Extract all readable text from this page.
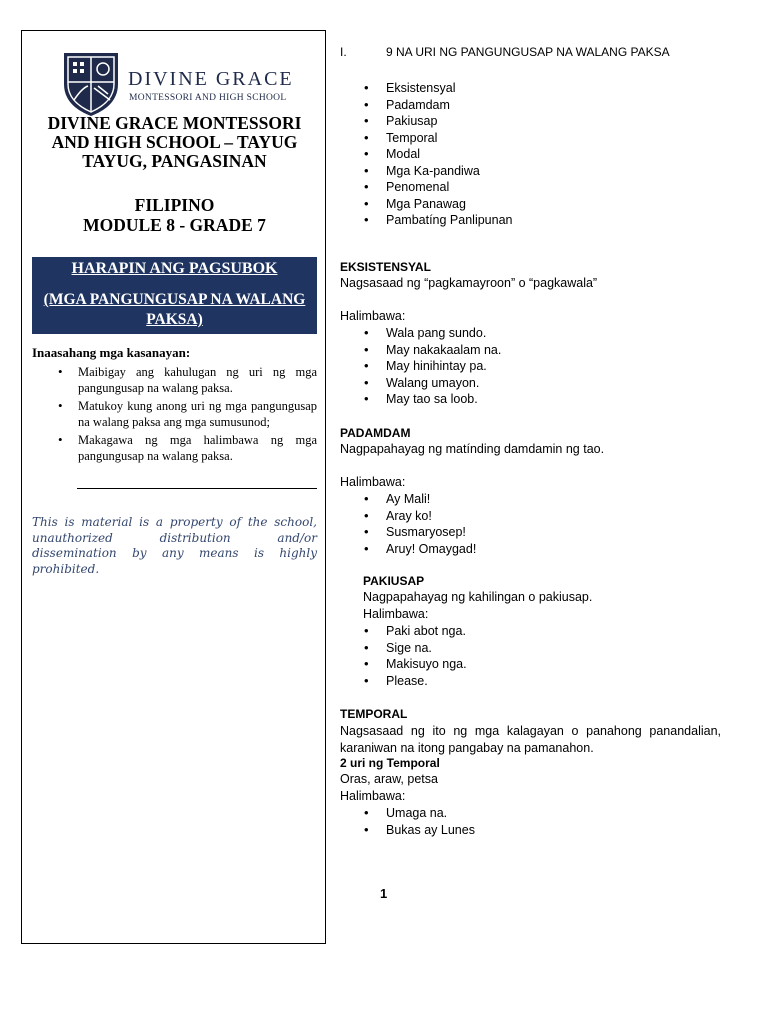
DIVINE GRACE
MONTESSORI AND HIGH SCHOOL
DIVINE GRACE MONTESSORI
AND HIGH SCHOOL – TAYUG
TAYUG, PANGASINAN
FILIPINO
MODULE 8 - GRADE 7
HARAPIN ANG PAGSUBOK
(MGA PANGUNGUSAP NA WALANG PAKSA)
Inaasahang mga kasanayan:
• Maibigay ang kahulugan ng uri ng mga pangungusap na walang paksa.
• Matukoy kung anong uri ng mga pangungusap na walang paksa ang mga sumusunod;
• Makagawa ng mga halimbawa ng mga pangungusap na walang paksa.
This is material is a property of the school, unauthorized distribution and/or dissemination by any means is highly prohibited.
I.	9 NA URI NG PANGUNGUSAP NA WALANG PAKSA
• Eksistensyal
• Padamdam
• Pakiusap
• Temporal
• Modal
• Mga Ka-pandiwa
• Penomenal
• Mga Panawag
• Pambatíng Panlipunan
EKSISTENSYAL
Nagsasaad ng “pagkamayroon” o “pagkawala”
Halimbawa:
• Wala pang sundo.
• May nakakaalam na.
• May hinihintay pa.
• Walang umayon.
• May tao sa loob.
PADAMDAM
Nagpapahayag ng matínding damdamin ng tao.
Halimbawa:
• Ay Mali!
• Aray ko!
• Susmaryosep!
• Aruy! Omaygad!
PAKIUSAP
Nagpapahayag ng kahilingan o pakiusap.
Halimbawa:
• Paki abot nga.
• Sige na.
• Makisuyo nga.
• Please.
TEMPORAL
Nagsasaad ng ito ng mga kalagayan o panahong panandalian, karaniwan na itong pangabay na pamanahon.
2 uri ng Temporal
Oras, araw, petsa
Halimbawa:
• Umaga na.
• Bukas ay Lunes
1
